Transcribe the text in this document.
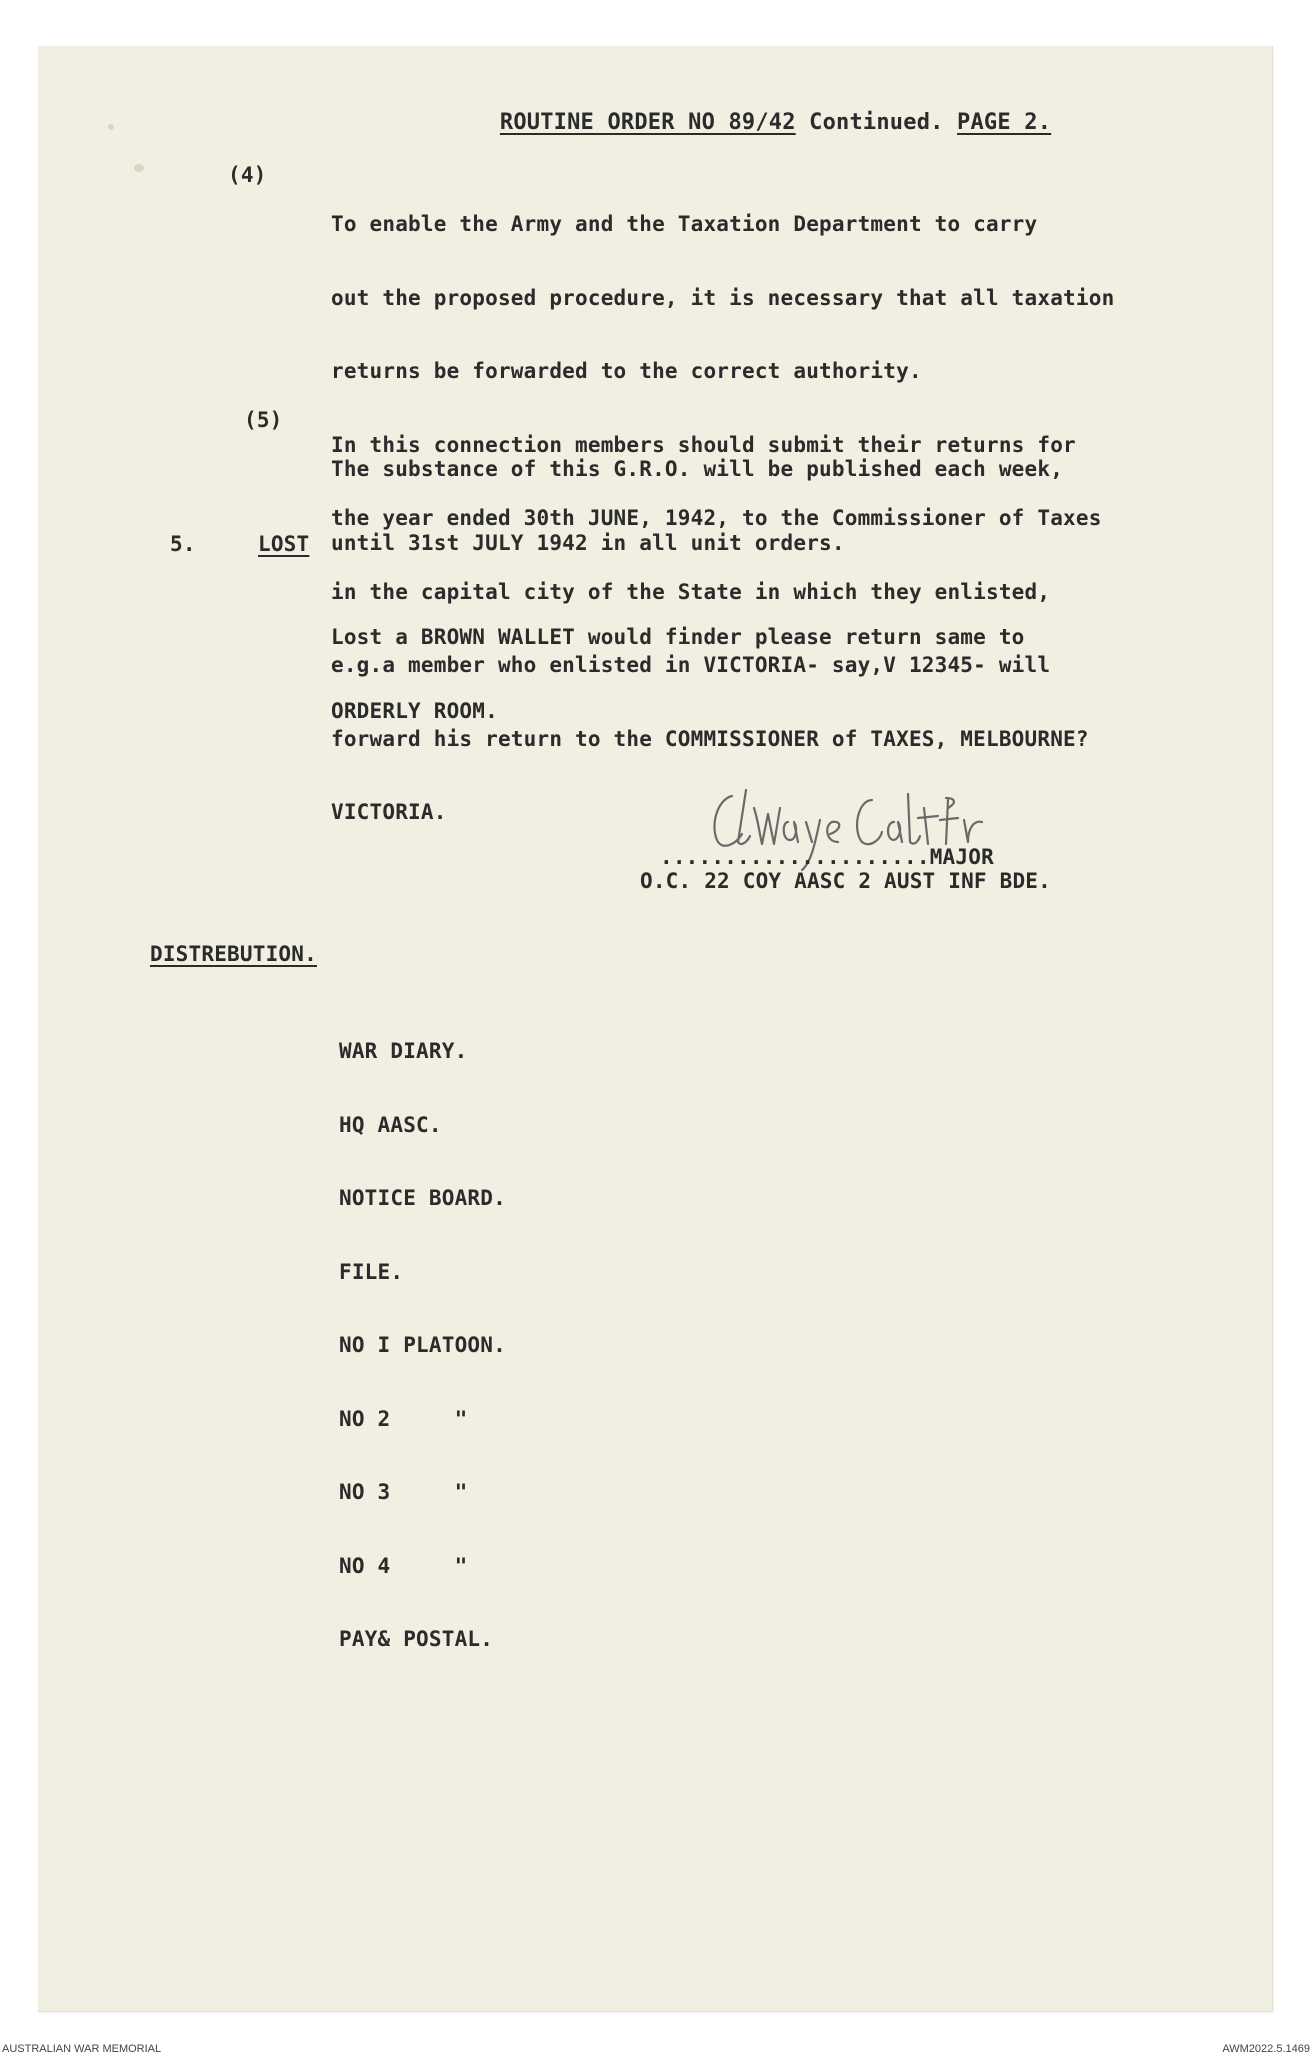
ROUTINE ORDER NO 89/42 Continued. PAGE 2.

(4)

To enable the Army and the Taxation Department to carry

out the proposed procedure, it is necessary that all taxation

returns be forwarded to the correct authority.

In this connection members should submit their returns for

the year ended 30th JUNE, 1942, to the Commissioner of Taxes

in the capital city of the State in which they enlisted,

e.g.a member who enlisted in VICTORIA- say,V 12345- will

forward his return to the COMMISSIONER of TAXES, MELBOURNE?

VICTORIA.

(5)

The substance of this G.R.O. will be published each week,

until 31st JULY 1942 in all unit orders.

5.	LOST

Lost a BROWN WALLET would finder please return same to

ORDERLY ROOM.

.....................MAJOR
O.C. 22 COY AASC 2 AUST INF BDE.
DISTREBUTION.

WAR DIARY.

HQ AASC.

NOTICE BOARD.

FILE.

NO I PLATOON.

NO 2     "

NO 3     "

NO 4     "

PAY& POSTAL.

AUSTRALIAN WAR MEMORIAL	AWM2022.5.1469
